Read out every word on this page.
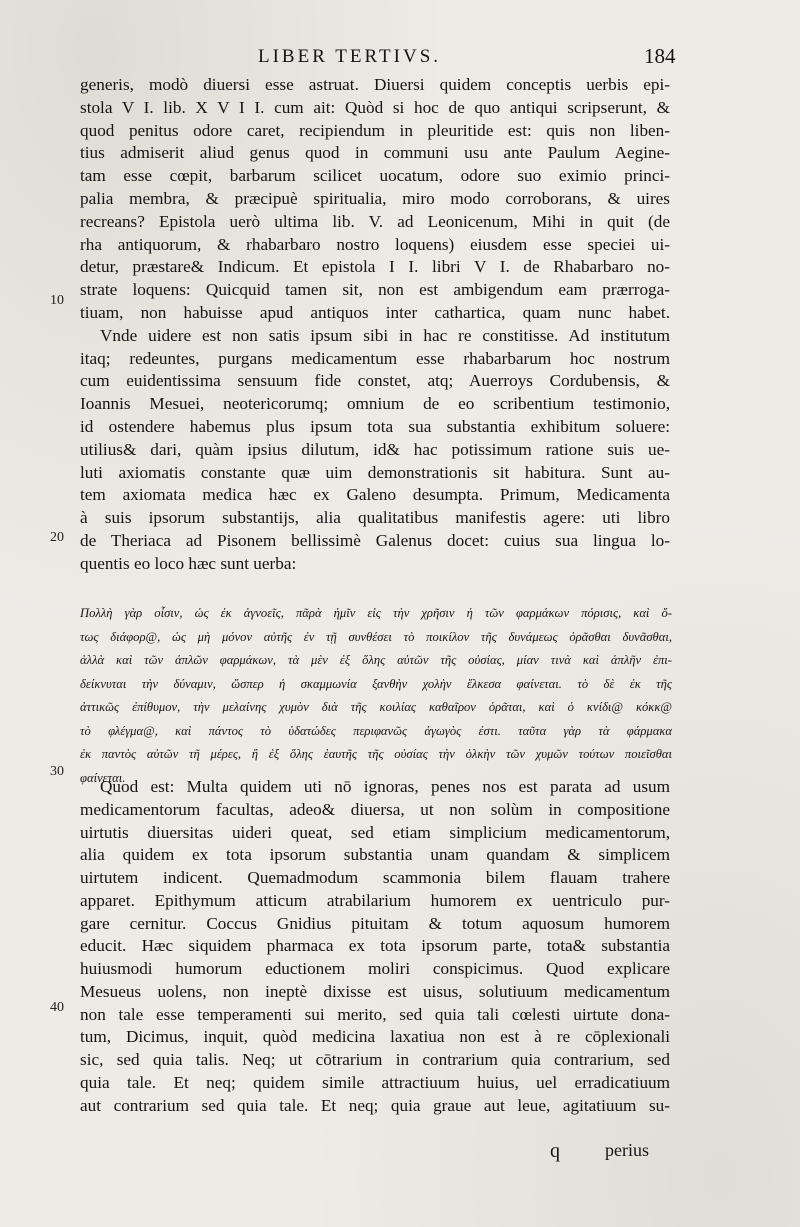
LIBER TERTIVS.	184
generis, modò diuersi esse astruat. Diuersi quidem conceptis uerbis epi-
stola V I. lib. X V I I. cum ait: Quòd si hoc de quo antiqui scripserunt, &
quod penitus odore caret, recipiendum in pleuritide est: quis non liben-
tius admiserit aliud genus quod in communi usu ante Paulum Aegine-
tam esse cœpit, barbarum scilicet uocatum, odore suo eximio princi-
palia membra, & præcipuè spiritualia, miro modo corroborans, & uires
recreans? Epistola uerò ultima lib. V. ad Leonicenum, Mihi in quit (de
rha antiquorum, & rhabarbaro nostro loquens) eiusdem esse speciei ui-
detur, præstare& Indicum. Et epistola I I. libri V I. de Rhabarbaro no-
strate loquens: Quicquid tamen sit, non est ambigendum eam prærroga-
tiuam, non habuisse apud antiquos inter cathartica, quam nunc habet.
Vnde uidere est non satis ipsum sibi in hac re constitisse. Ad institutum
itaq; redeuntes, purgans medicamentum esse rhabarbarum hoc nostrum
cum euidentissima sensuum fide constet, atq; Auerroys Cordubensis, &
Ioannis Mesuei, neotericorumq; omnium de eo scribentium testimonio,
id ostendere habemus plus ipsum tota sua substantia exhibitum soluere:
utilius& dari, quàm ipsius dilutum, id& hac potissimum ratione suis ue-
luti axiomatis constante quæ uim demonstrationis sit habitura. Sunt au-
tem axiomata medica hæc ex Galeno desumpta. Primum, Medicamenta
à suis ipsorum substantijs, alia qualitatibus manifestis agere: uti libro
de Theriaca ad Pisonem bellissimè Galenus docet: cuius sua lingua lo-
quentis eo loco hæc sunt uerba:
Πολλὴ γὰρ οἶσιν, ὡς ἐκ ἀγνοεῖς, πᾶρὰ ἡμῖν εἰς τὴν χρῆσιν ἡ τῶν φαρμάκων πόρισις, καὶ ὄ-
τως διάφορ@, ὡς μὴ μόνον αὐτῆς ἐν τῇ συνθέσει τὸ ποικίλον τῆς δυνάμεως ὁρᾶσθαι δυνᾶσθαι,
ἀλλὰ καὶ τῶν ἁπλῶν φαρμάκων, τὰ μὲν ἐξ ὅλης αὐτῶν τῆς οὐσίας, μίαν τινὰ καὶ ἁπλῆν ἐπι-
δείκνυται τὴν δύναμιν, ὥσπερ ἡ σκαμμωνία ξανθὴν χολὴν ἕλκεσα φαίνεται. τὸ δὲ ἐκ τῆς
ἀττικῶς ἐπίθυμον, τὴν μελαίνης χυμὸν διὰ τῆς κοιλίας καθαῖρον ὁρᾶται, καὶ ὁ κνίδι@ κόκκ@
τὸ φλέγμα@, καὶ πάντος τὸ ὑδατώδες περιφανῶς ἀγωγὸς ἐστι. ταῦτα γὰρ τὰ φάρμακα
ἐκ παντὸς αὐτῶν τῆ μέρες, ἢ ἐξ ὅλης ἑαυτῆς τῆς οὐσίας τὴν ὁλκὴν τῶν χυμῶν τούτων ποιεῖσθαι
φαίνεται.
Quod est: Multa quidem uti nō ignoras, penes nos est parata ad usum
medicamentorum facultas, adeo& diuersa, ut non solùm in compositione
uirtutis diuersitas uideri queat, sed etiam simplicium medicamentorum,
alia quidem ex tota ipsorum substantia unam quandam & simplicem
uirtutem indicent. Quemadmodum scammonia bilem flauam trahere
apparet. Epithymum atticum atrabilarium humorem ex uentriculo pur-
gare cernitur. Coccus Gnidius pituitam & totum aquosum humorem
educit. Hæc siquidem pharmaca ex tota ipsorum parte, tota& substantia
huiusmodi humorum eductionem moliri conspicimus. Quod explicare
Mesueus uolens, non ineptè dixisse est uisus, solutiuum medicamentum
non tale esse temperamenti sui merito, sed quia tali cœlesti uirtute dona-
tum, Dicimus, inquit, quòd medicina laxatiua non est à re cōplexionali
sic, sed quia talis. Neq; ut cōtrarium in contrarium quia contrarium, sed
quia tale. Et neq; quidem simile attractiuum huius, uel erradicatiuum
aut contrarium sed quia tale. Et neq; quia graue aut leue, agitatiuum su-
10
20
30
40
q	perius
